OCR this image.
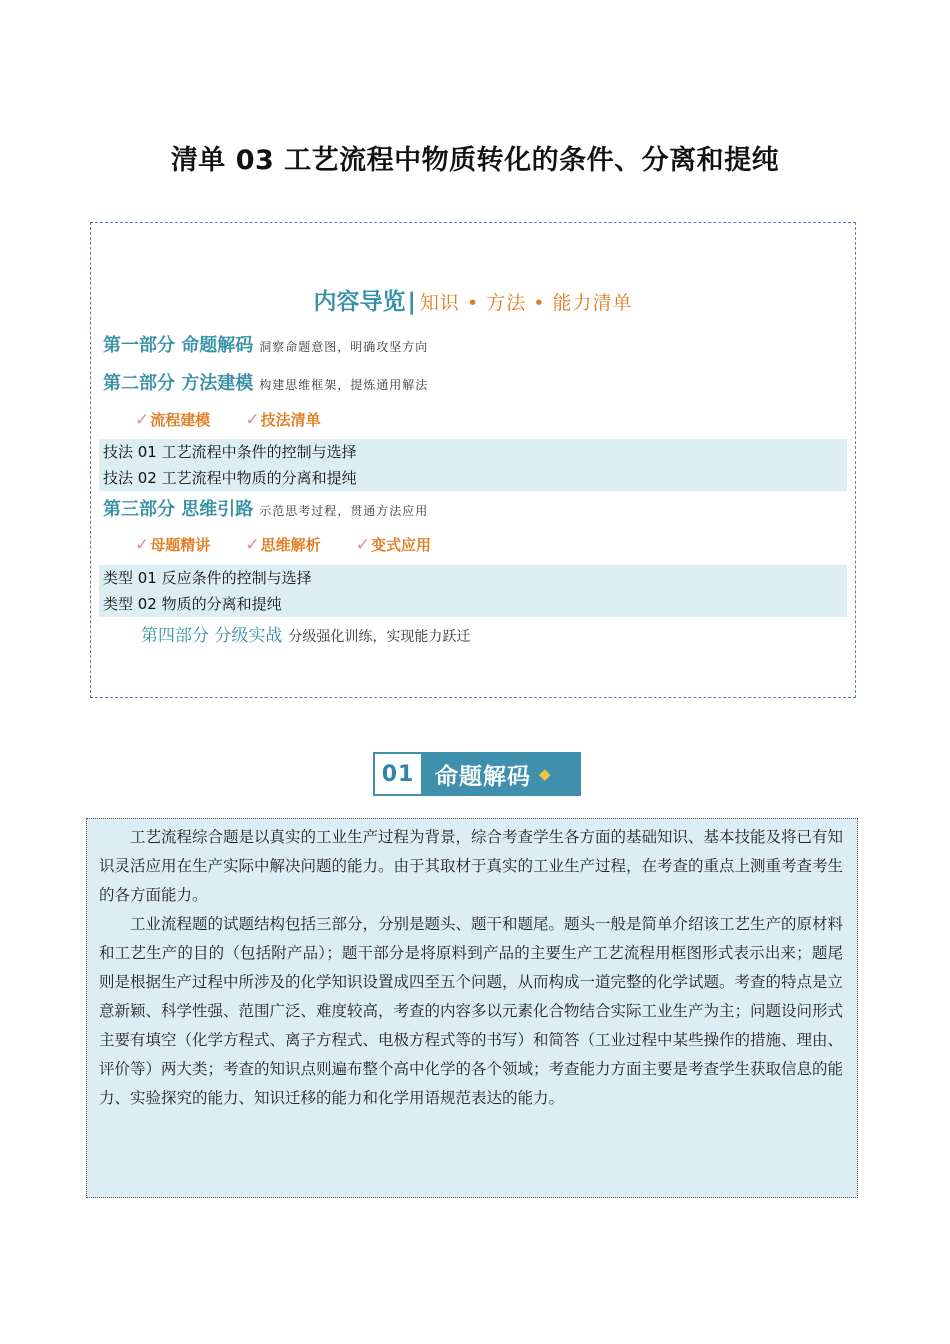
清单 03 工艺流程中物质转化的条件、分离和提纯
内容导览| 知识 • 方法 • 能力清单
第一部分 命题解码 洞察命题意图，明确攻坚方向
第二部分 方法建模 构建思维框架，提炼通用解法
✓流程建模 ✓技法清单
技法 01 工艺流程中条件的控制与选择
技法 02 工艺流程中物质的分离和提纯
第三部分 思维引路 示范思考过程，贯通方法应用
✓母题精讲 ✓思维解析 ✓变式应用
类型 01 反应条件的控制与选择
类型 02 物质的分离和提纯
第四部分 分级实战 分级强化训练，实现能力跃迁
01 命题解码 ◆

工艺流程综合题是以真实的工业生产过程为背景，综合考查学生各方面的基础知识、基本技能及将已有知识灵活应用在生产实际中解决问题的能力。由于其取材于真实的工业生产过程，在考查的重点上测重考查考生的各方面能力。

工业流程题的试题结构包括三部分，分别是题头、题干和题尾。题头一般是简单介绍该工艺生产的原材料和工艺生产的目的（包括附产品）；题干部分是将原料到产品的主要生产工艺流程用框图形式表示出来；题尾则是根据生产过程中所涉及的化学知识设置成四至五个问题，从而构成一道完整的化学试题。考查的特点是立意新颖、科学性强、范围广泛、难度较高，考查的内容多以元素化合物结合实际工业生产为主；问题设问形式主要有填空（化学方程式、离子方程式、电极方程式等的书写）和简答（工业过程中某些操作的措施、理由、评价等）两大类；考查的知识点则遍布整个高中化学的各个领域；考查能力方面主要是考查学生获取信息的能力、实验探究的能力、知识迁移的能力和化学用语规范表达的能力。
